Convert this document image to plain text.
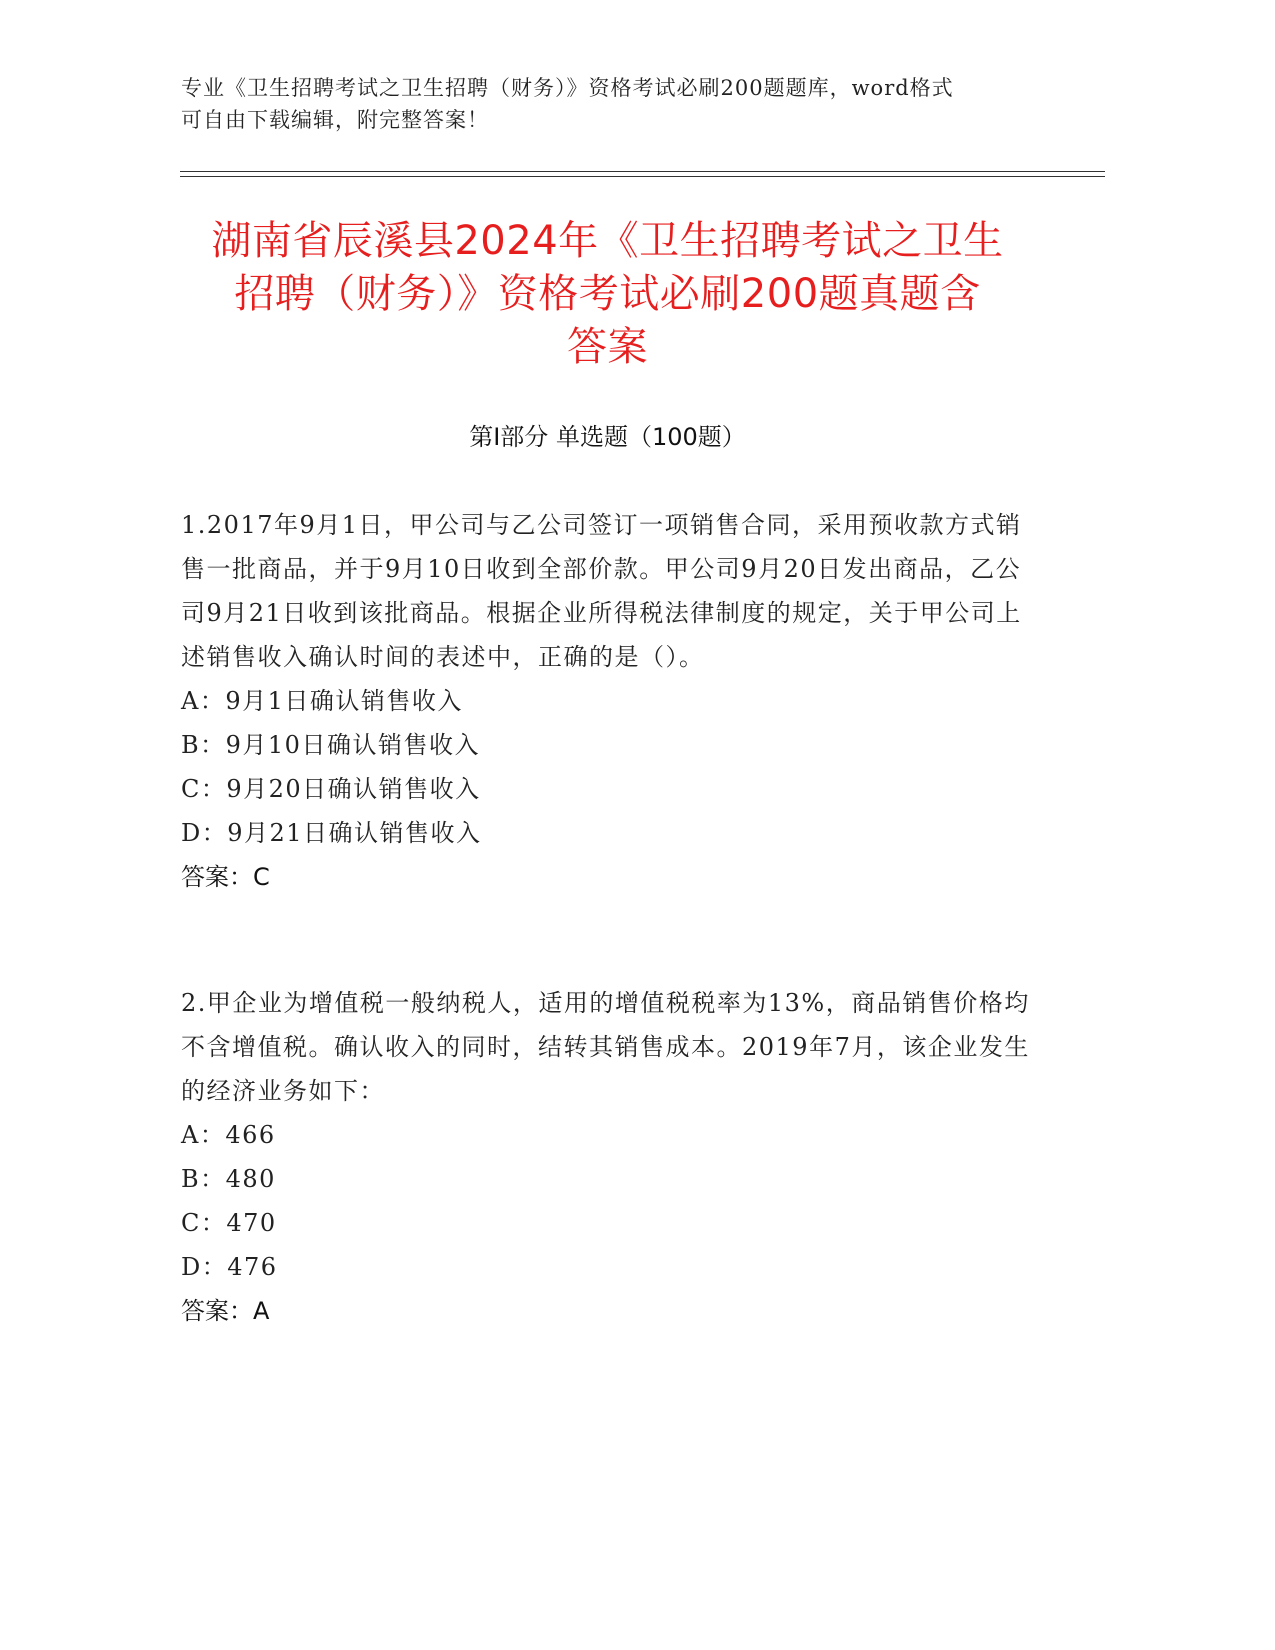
专业《卫生招聘考试之卫生招聘（财务）》资格考试必刷200题题库，word格式
可自由下载编辑，附完整答案！
湖南省辰溪县2024年《卫生招聘考试之卫生
招聘（财务）》资格考试必刷200题真题含
答案
第Ⅰ部分 单选题（100题）

1.2017年9月1日，甲公司与乙公司签订一项销售合同，采用预收款方式销售一批商品，并于9月10日收到全部价款。甲公司9月20日发出商品，乙公司9月21日收到该批商品。根据企业所得税法律制度的规定，关于甲公司上述销售收入确认时间的表述中，正确的是（）。

A：9月1日确认销售收入
B：9月10日确认销售收入
C：9月20日确认销售收入
D：9月21日确认销售收入
答案：C

2.甲企业为增值税一般纳税人，适用的增值税税率为13%，商品销售价格均不含增值税。确认收入的同时，结转其销售成本。2019年7月，该企业发生的经济业务如下：

A：466
B：480
C：470
D：476
答案：A
